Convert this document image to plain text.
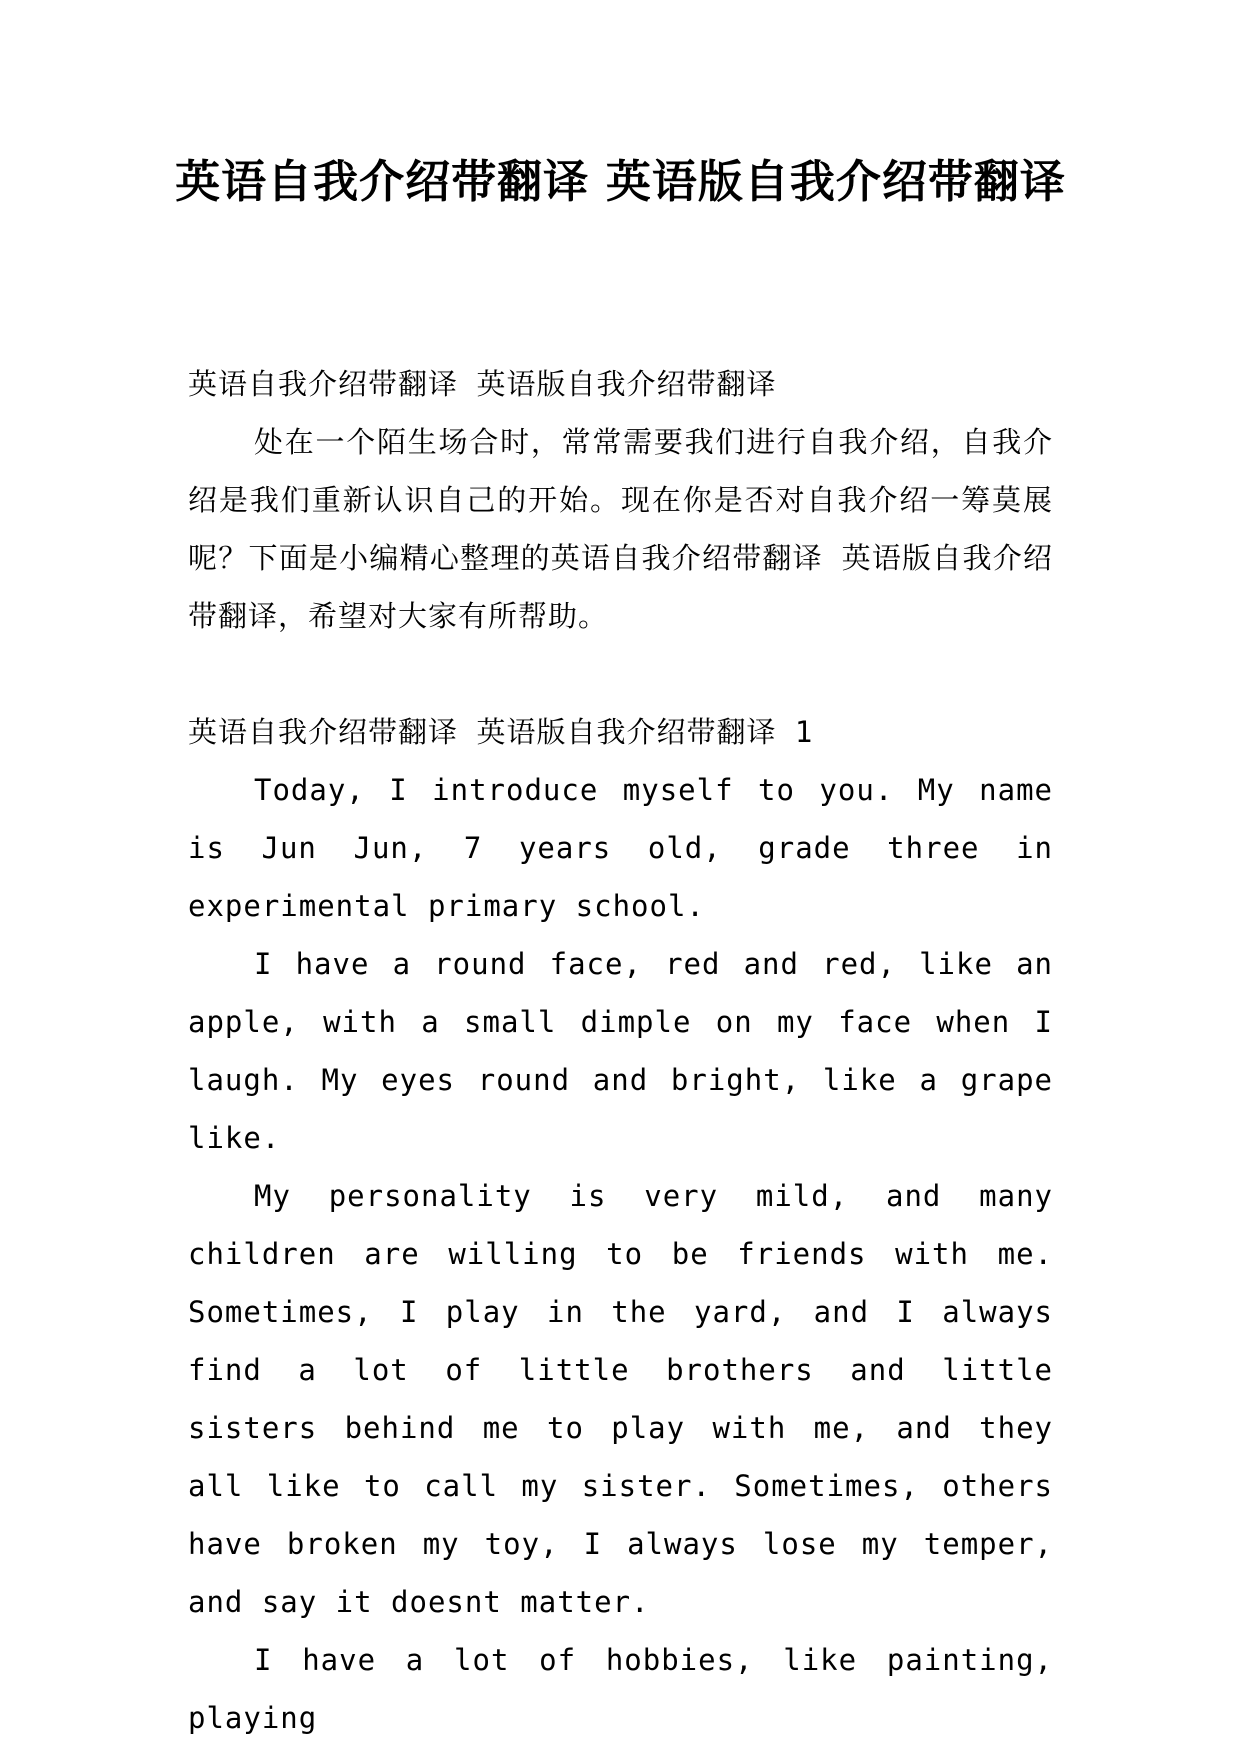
英语自我介绍带翻译 英语版自我介绍带翻译

英语自我介绍带翻译 英语版自我介绍带翻译

处在一个陌生场合时，常常需要我们进行自我介绍，自我介绍是我们重新认识自己的开始。现在你是否对自我介绍一筹莫展呢？下面是小编精心整理的英语自我介绍带翻译 英语版自我介绍带翻译，希望对大家有所帮助。

英语自我介绍带翻译 英语版自我介绍带翻译 1

Today, I introduce myself to you. My name is Jun Jun, 7 years old, grade three in experimental primary school.

I have a round face, red and red, like an apple, with a small dimple on my face when I laugh. My eyes round and bright, like a grape like.

My personality is very mild, and many children are willing to be friends with me. Sometimes, I play in the yard, and I always find a lot of little brothers and little sisters behind me to play with me, and they all like to call my sister. Sometimes, others have broken my toy, I always lose my temper, and say it doesnt matter.

I have a lot of hobbies, like painting, playing
